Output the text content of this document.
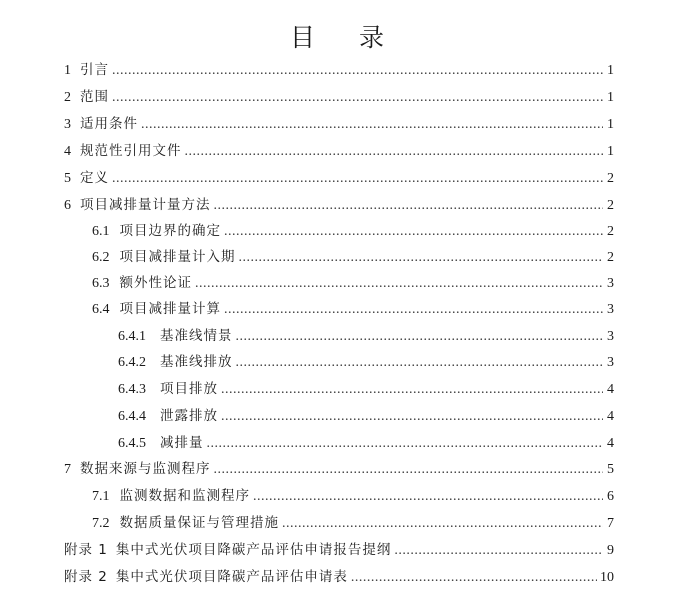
目 录
1 引言 .....	1
2 范围 .....	1
3 适用条件 .....	1
4 规范性引用文件 .....	1
5 定义 .....	2
6 项目减排量计量方法 .....	2
6.1 项目边界的确定 .....	2
6.2 项目减排量计入期 .....	2
6.3 额外性论证 .....	3
6.4 项目减排量计算 .....	3
6.4.1 基准线情景 .....	3
6.4.2 基准线排放 .....	3
6.4.3 项目排放 .....	4
6.4.4 泄露排放 .....	4
6.4.5 减排量 .....	4
7 数据来源与监测程序 .....	5
7.1 监测数据和监测程序 .....	6
7.2 数据质量保证与管理措施 .....	7
附录 1 集中式光伏项目降碳产品评估申请报告提纲 .....	9
附录 2 集中式光伏项目降碳产品评估申请表 .....	10
